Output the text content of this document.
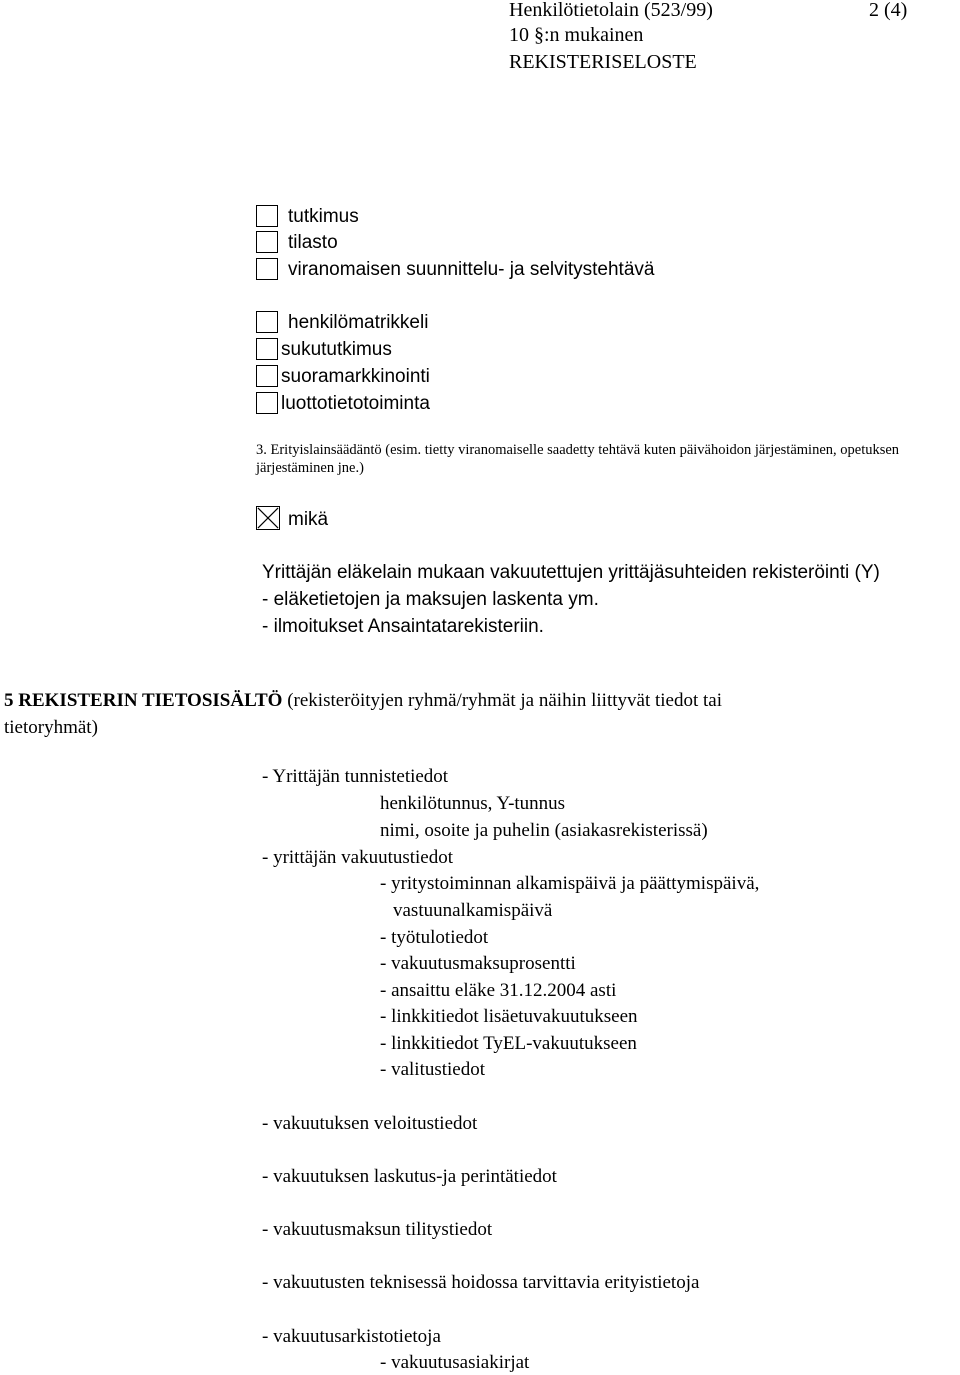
Henkilötietolain (523/99)	2 (4)
10 §:n mukainen
REKISTERISELOSTE
tutkimus
tilasto
viranomaisen suunnittelu- ja selvitystehtävä
henkilömatrikkeli
sukututkimus
suoramarkkinointi
luottotietotoiminta
3. Erityislainsäädäntö (esim. tietty viranomaiselle saadetty tehtävä kuten päivähoidon järjestäminen, opetuksen
järjestäminen jne.)
mikä
Yrittäjän eläkelain mukaan vakuutettujen yrittäjäsuhteiden rekisteröinti (Y)
- eläketietojen ja maksujen laskenta ym.
- ilmoitukset Ansaintatarekisteriin.
5 REKISTERIN TIETOSISÄLTÖ (rekisteröityjen ryhmä/ryhmät ja näihin liittyvät tiedot tai
tietoryhmät)
- Yrittäjän tunnistetiedot
henkilötunnus, Y-tunnus
nimi, osoite ja puhelin (asiakasrekisterissä)
- yrittäjän vakuutustiedot
- yritystoiminnan alkamispäivä ja päättymispäivä,
vastuunalkamispäivä
- työtulotiedot
- vakuutusmaksuprosentti
- ansaittu eläke 31.12.2004 asti
- linkkitiedot lisäetuvakuutukseen
- linkkitiedot TyEL-vakuutukseen
- valitustiedot
- vakuutuksen veloitustiedot
- vakuutuksen laskutus-ja perintätiedot
- vakuutusmaksun tilitystiedot
- vakuutusten teknisessä hoidossa tarvittavia erityistietoja
- vakuutusarkistotietoja
- vakuutusasiakirjat
